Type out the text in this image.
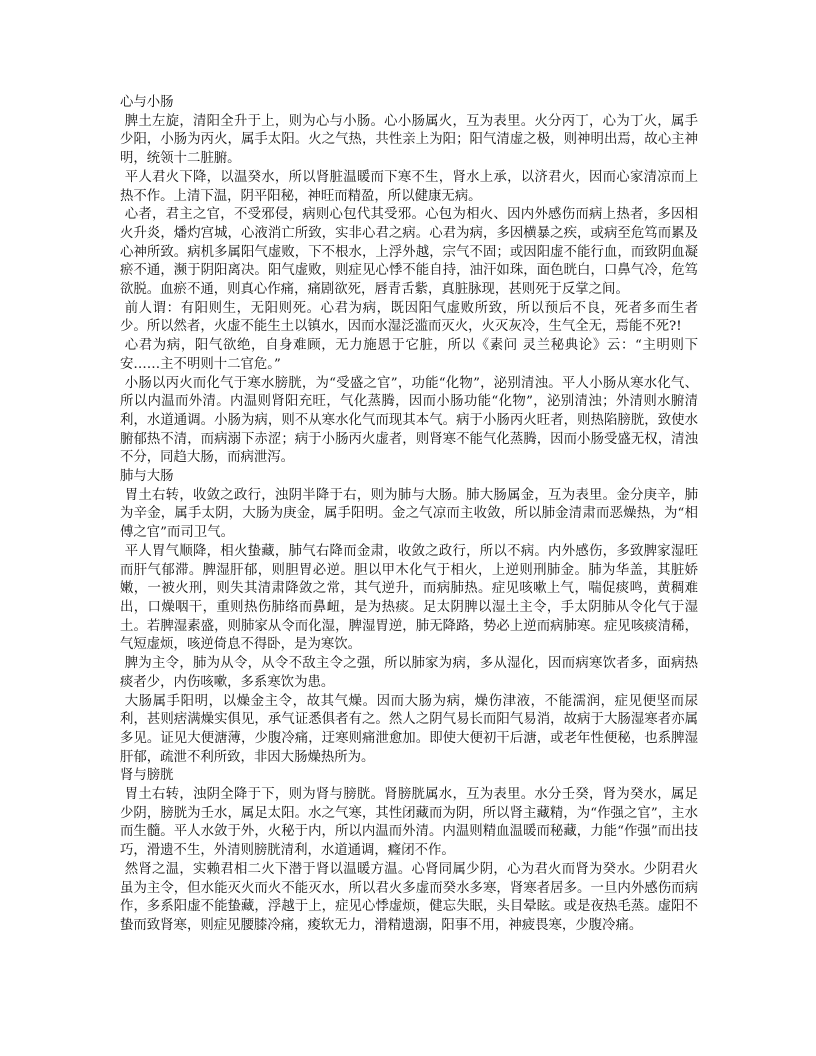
心与小肠

脾土左旋，清阳全升于上，则为心与小肠。心小肠属火，互为表里。火分丙丁，心为丁火，属手少阳，小肠为丙火，属手太阳。火之气热，共性亲上为阳；阳气清虚之极，则神明出焉，故心主神明，统领十二脏腑。

平人君火下降，以温癸水，所以肾脏温暖而下寒不生，肾水上承，以济君火，因而心家清凉而上热不作。上清下温，阴平阳秘，神旺而精盈，所以健康无病。

心者，君主之官，不受邪侵，病则心包代其受邪。心包为相火、因内外感伤而病上热者，多因相火升炎，燔灼宫城，心液消亡所致，实非心君之病。心君为病，多因横暴之疾，或病至危笃而累及心神所致。病机多属阳气虚败，下不根水，上浮外越，宗气不固；或因阳虚不能行血，而致阴血凝瘀不通，濒于阴阳离决。阳气虚败，则症见心悸不能自持，油汗如珠，面色晄白，口鼻气冷，危笃欲脱。血瘀不通，则真心作痛，痛剧欲死，唇青舌紫，真脏脉现，甚则死于反掌之间。

前人谓：有阳则生，无阳则死。心君为病，既因阳气虚败所致，所以预后不良，死者多而生者少。所以然者，火虚不能生土以镇水，因而水湿泛滥而灭火，火灭灰冷，生气全无，焉能不死?!

心君为病，阳气欲绝，自身难顾，无力施恩于它脏，所以《素问 灵兰秘典论》云：“主明则下安……主不明则十二官危。”

小肠以丙火而化气于寒水膀胱，为“受盛之官”，功能“化物”，泌别清浊。平人小肠从寒水化气、所以内温而外清。内温则肾阳充旺，气化蒸腾，因而小肠功能“化物”，泌别清浊；外清则水腑清利，水道通调。小肠为病，则不从寒水化气而现其本气。病于小肠丙火旺者，则热陷膀胱，致使水腑郁热不清，而病溺下赤涩；病于小肠丙火虚者，则肾寒不能气化蒸腾，因而小肠受盛无权，清浊不分，同趋大肠，而病泄泻。

肺与大肠

胃土右转，收敛之政行，浊阴半降于右，则为肺与大肠。肺大肠属金，互为表里。金分庚辛，肺为辛金，属手太阴，大肠为庚金，属手阳明。金之气凉而主收敛，所以肺金清肃而恶燥热，为“相傅之官”而司卫气。

平人胃气顺降，相火蛰藏，肺气右降而金肃，收敛之政行，所以不病。内外感伤，多致脾家湿旺而肝气郁滞。脾湿肝郁，则胆胃必逆。胆以甲木化气于相火，上逆则刑肺金。肺为华盖，其脏娇嫩，一被火刑，则失其清肃降敛之常，其气逆升，而病肺热。症见咳嗽上气，喘促痰鸣，黄稠难出，口燥咽干，重则热伤肺络而鼻衄，是为热痰。足太阴脾以湿土主令，手太阴肺从令化气于湿土。若脾湿素盛，则肺家从令而化湿，脾湿胃逆，肺无降路，势必上逆而病肺寒。症见咳痰清稀，气短虚烦，咳逆倚息不得卧，是为寒饮。

脾为主令，肺为从令，从令不敌主令之强，所以肺家为病，多从湿化，因而病寒饮者多，面病热痰者少，内伤咳嗽，多系寒饮为患。

大肠属手阳明，以燥金主令，故其气燥。因而大肠为病，燥伤津液，不能濡润，症见便坚而尿利，甚则痞满燥实俱见，承气证悉俱者有之。然人之阴气易长而阳气易消，故病于大肠湿寒者亦属多见。证见大便溏薄，少腹冷痛，迂寒则痛泄愈加。即使大便初干后溏，或老年性便秘，也系脾湿肝郁，疏泄不利所致，非因大肠燥热所为。

肾与膀胱

胃土右转，浊阴全降于下，则为肾与膀胱。肾膀胱属水，互为表里。水分壬癸，肾为癸水，属足少阴，膀胱为壬水，属足太阳。水之气寒，其性闭藏而为阴，所以肾主藏精，为“作强之官”，主水而生髓。平人水敛于外，火秘于内，所以内温而外清。内温则精血温暖而秘藏，力能“作强”而出技巧，滑遗不生，外清则膀胱清利，水道通调，癃闭不作。

然肾之温，实赖君相二火下潜于肾以温暖方温。心肾同属少阴，心为君火而肾为癸水。少阴君火虽为主令，但水能灭火而火不能灭水，所以君火多虚而癸水多寒，肾寒者居多。一旦内外感伤而病作，多系阳虚不能蛰藏，浮越于上，症见心悸虚烦，健忘失眠，头目晕眩。或是夜热毛蒸。虚阳不蛰而致肾寒，则症见腰膝冷痛，痠软无力，滑精遗溺，阳事不用，神疲畏寒，少腹冷痛。
